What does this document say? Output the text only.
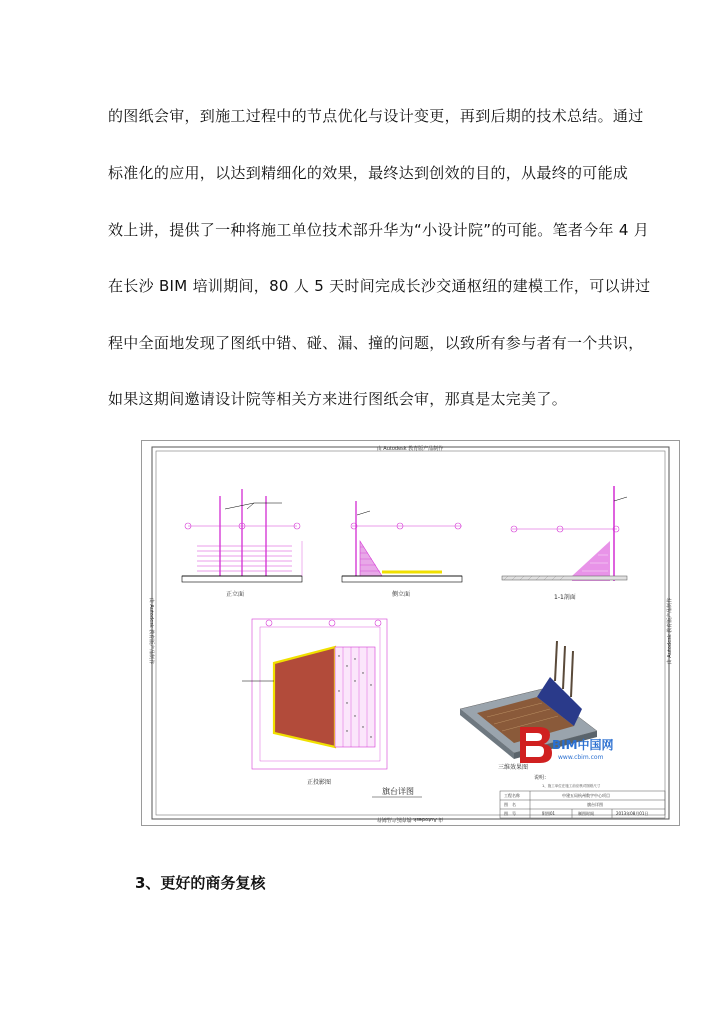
的图纸会审，到施工过程中的节点优化与设计变更，再到后期的技术总结。通过
标准化的应用，以达到精细化的效果，最终达到创效的目的，从最终的可能成
效上讲，提供了一种将施工单位技术部升华为“小设计院”的可能。笔者今年 4 月
在长沙 BIM 培训期间，80 人 5 天时间完成长沙交通枢纽的建模工作，可以讲过
程中全面地发现了图纸中错、碰、漏、撞的问题，以致所有参与者有一个共识，
如果这期间邀请设计院等相关方来进行图纸会审，那真是太完美了。
由 Autodesk 教育版产品制作
由 Autodesk 教育版产品制作
由 Autodesk 教育版产品制作	由 Autodesk 教育版产品制作
正立面	侧立面	1-1剖面
正投影图
三维效果图
说明：
1、施工单位在施工前应核对图纸尺寸
BIM中国网
www.cbim.com
旗台详图	工程名称	中建五局杭州数字中心项目
图　名	旗台详图
图　号	附图01	制图时间	2013年08月01日
3、更好的商务复核
